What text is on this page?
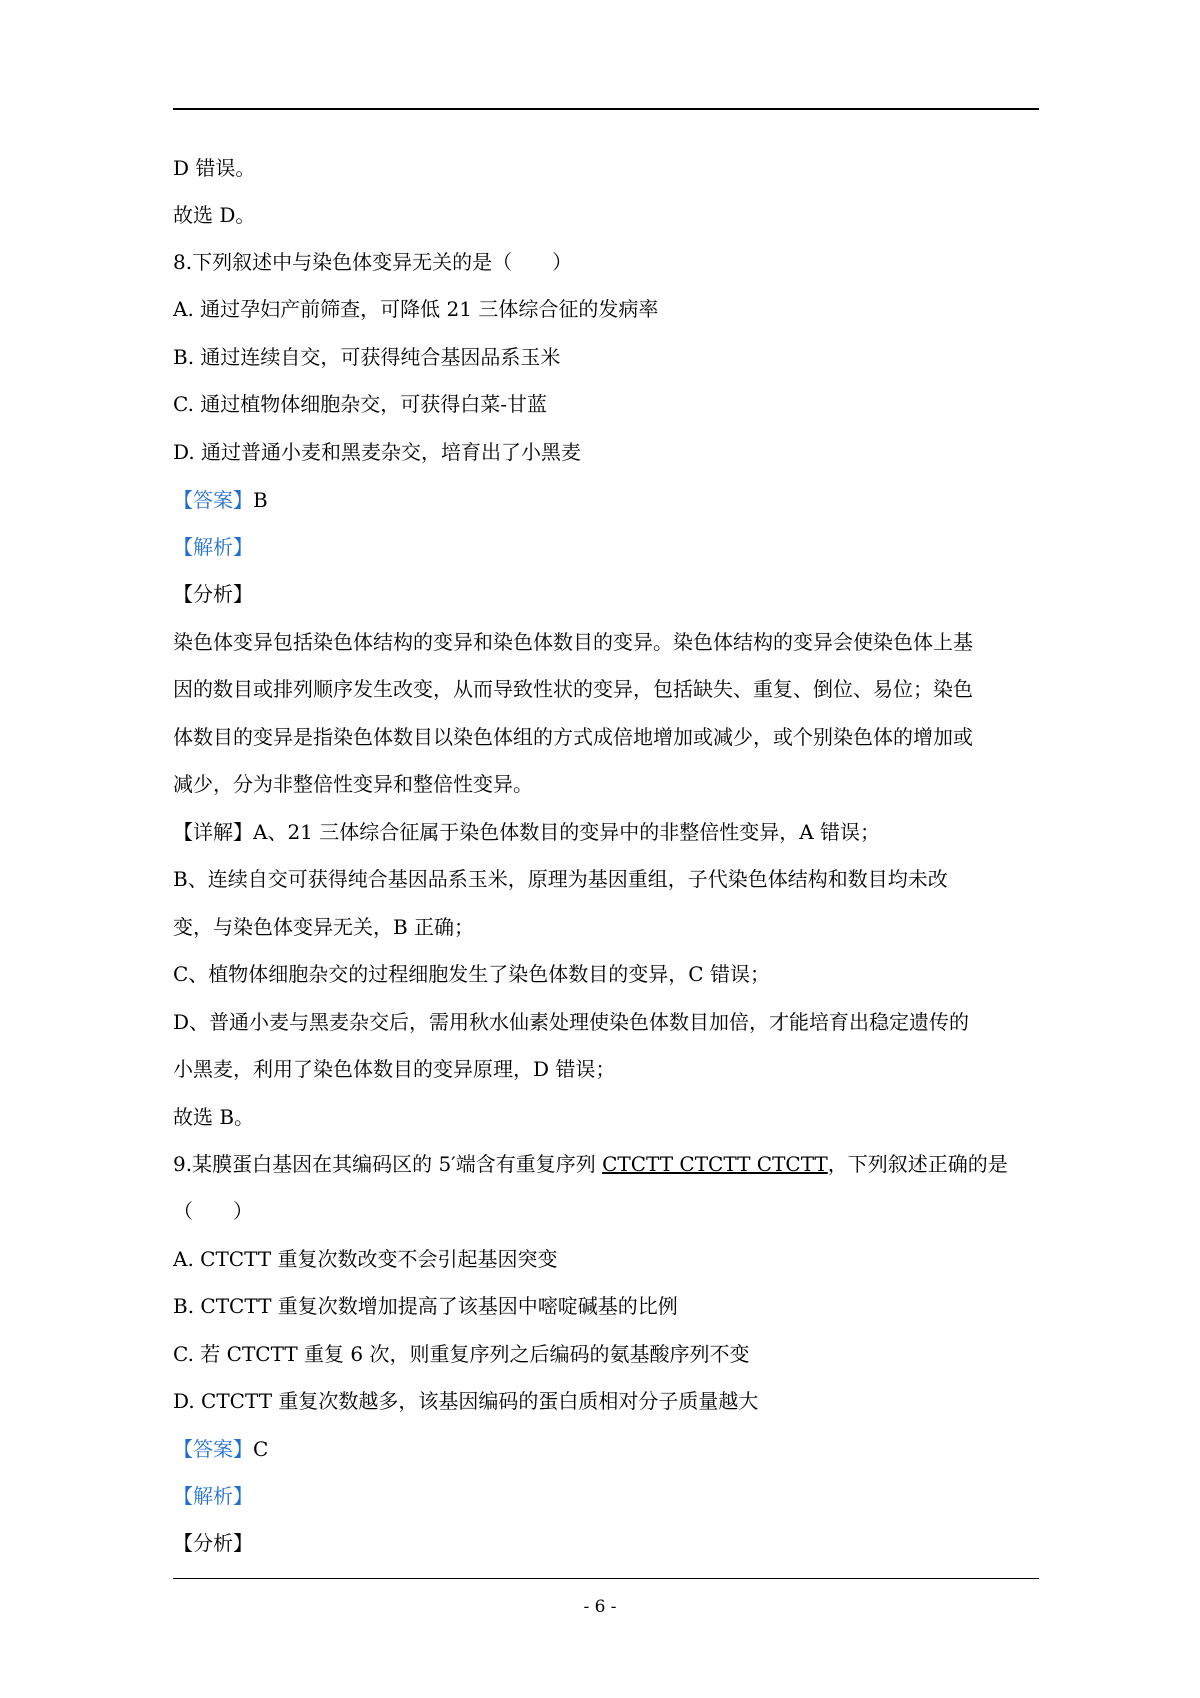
D 错误。
故选 D。
8.下列叙述中与染色体变异无关的是（　　）
A. 通过孕妇产前筛查，可降低 21 三体综合征的发病率
B. 通过连续自交，可获得纯合基因品系玉米
C. 通过植物体细胞杂交，可获得白菜-甘蓝
D. 通过普通小麦和黑麦杂交，培育出了小黑麦
【答案】B
【解析】
【分析】
染色体变异包括染色体结构的变异和染色体数目的变异。染色体结构的变异会使染色体上基
因的数目或排列顺序发生改变，从而导致性状的变异，包括缺失、重复、倒位、易位；染色
体数目的变异是指染色体数目以染色体组的方式成倍地增加或减少，或个别染色体的增加或
减少，分为非整倍性变异和整倍性变异。
【详解】A、21 三体综合征属于染色体数目的变异中的非整倍性变异，A 错误；
B、连续自交可获得纯合基因品系玉米，原理为基因重组，子代染色体结构和数目均未改
变，与染色体变异无关，B 正确；
C、植物体细胞杂交的过程细胞发生了染色体数目的变异，C 错误；
D、普通小麦与黑麦杂交后，需用秋水仙素处理使染色体数目加倍，才能培育出稳定遗传的
小黑麦，利用了染色体数目的变异原理，D 错误；
故选 B。
9.某膜蛋白基因在其编码区的 5′端含有重复序列 CTCTT CTCTT CTCTT，下列叙述正确的是
（　　）
A. CTCTT 重复次数改变不会引起基因突变
B. CTCTT 重复次数增加提高了该基因中嘧啶碱基的比例
C. 若 CTCTT 重复 6 次，则重复序列之后编码的氨基酸序列不变
D. CTCTT 重复次数越多，该基因编码的蛋白质相对分子质量越大
【答案】C
【解析】
【分析】
- 6 -
